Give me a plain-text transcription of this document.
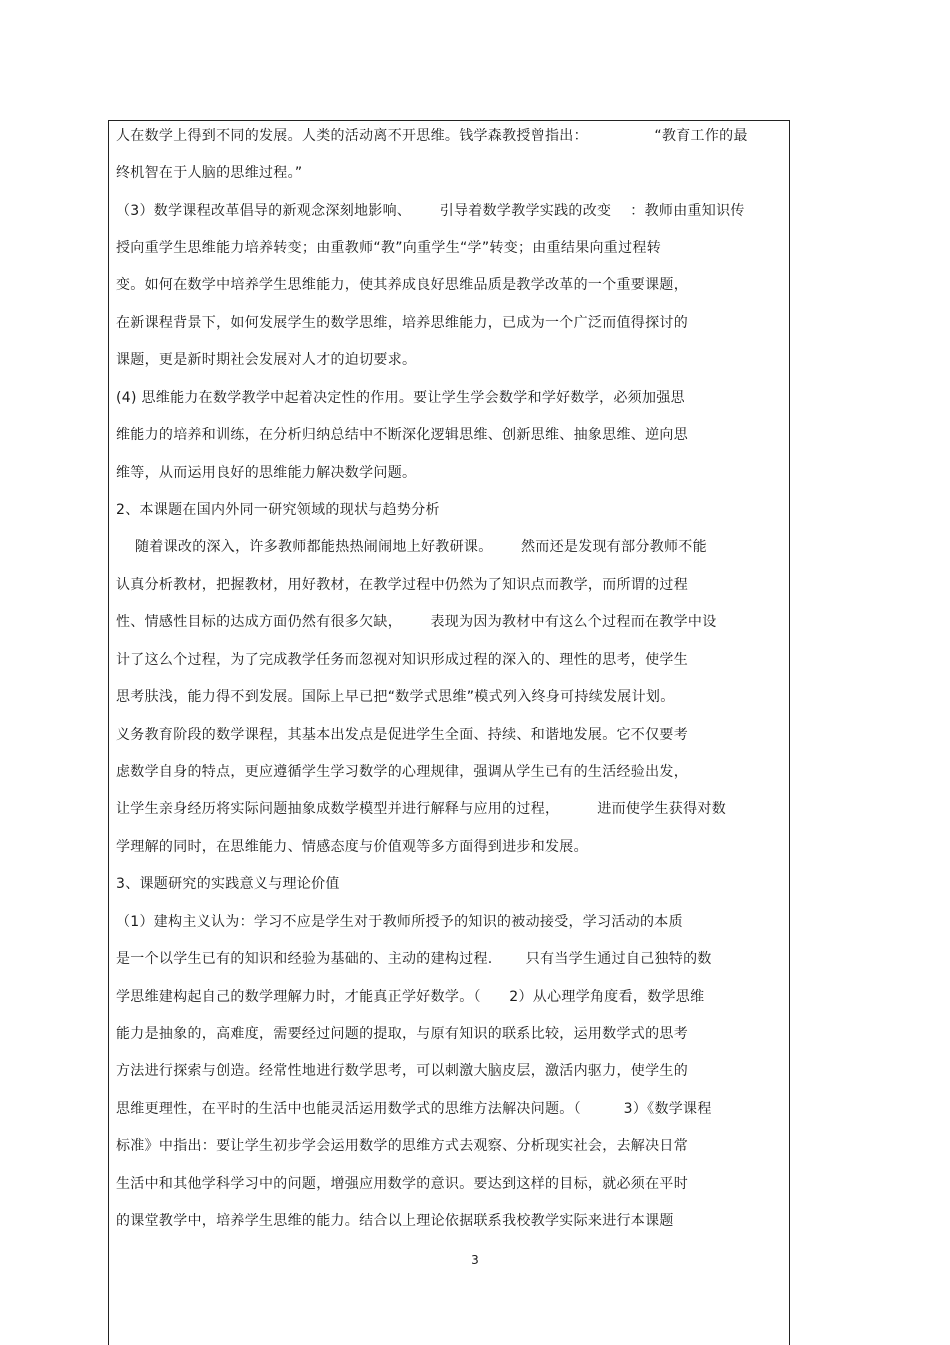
人在数学上得到不同的发展。人类的活动离不开思维。钱学森教授曾指出：              “教育工作的最
终机智在于人脑的思维过程。”
（3）数学课程改革倡导的新观念深刻地影响、      引导着数学教学实践的改变    ：教师由重知识传
授向重学生思维能力培养转变；由重教师“教”向重学生“学”转变；由重结果向重过程转
变。如何在数学中培养学生思维能力，使其养成良好思维品质是教学改革的一个重要课题，
在新课程背景下，如何发展学生的数学思维，培养思维能力，已成为一个广泛而值得探讨的
课题，更是新时期社会发展对人才的迫切要求。
(4) 思维能力在数学教学中起着决定性的作用。要让学生学会数学和学好数学，必须加强思
维能力的培养和训练，在分析归纳总结中不断深化逻辑思维、创新思维、抽象思维、逆向思
维等，从而运用良好的思维能力解决数学问题。
2、本课题在国内外同一研究领域的现状与趋势分析
随着课改的深入，许多教师都能热热闹闹地上好教研课。      然而还是发现有部分教师不能
认真分析教材，把握教材，用好教材，在教学过程中仍然为了知识点而教学，而所谓的过程
性、情感性目标的达成方面仍然有很多欠缺，      表现为因为教材中有这么个过程而在教学中设
计了这么个过程，为了完成教学任务而忽视对知识形成过程的深入的、理性的思考，使学生
思考肤浅，能力得不到发展。国际上早已把“数学式思维”模式列入终身可持续发展计划。
义务教育阶段的数学课程，其基本出发点是促进学生全面、持续、和谐地发展。它不仅要考
虑数学自身的特点，更应遵循学生学习数学的心理规律，强调从学生已有的生活经验出发，
让学生亲身经历将实际问题抽象成数学模型并进行解释与应用的过程，        进而使学生获得对数
学理解的同时，在思维能力、情感态度与价值观等多方面得到进步和发展。
3、课题研究的实践意义与理论价值
（1）建构主义认为：学习不应是学生对于教师所授予的知识的被动接受，学习活动的本质
是一个以学生已有的知识和经验为基础的、主动的建构过程.       只有当学生通过自己独特的数
学思维建构起自己的数学理解力时，才能真正学好数学。（      2）从心理学角度看，数学思维
能力是抽象的，高难度，需要经过问题的提取，与原有知识的联系比较，运用数学式的思考
方法进行探索与创造。经常性地进行数学思考，可以刺激大脑皮层，激活内驱力，使学生的
思维更理性，在平时的生活中也能灵活运用数学式的思维方法解决问题。（         3）《数学课程
标准》中指出：要让学生初步学会运用数学的思维方式去观察、分析现实社会，去解决日常
生活中和其他学科学习中的问题，增强应用数学的意识。要达到这样的目标，就必须在平时
的课堂教学中，培养学生思维的能力。结合以上理论依据联系我校教学实际来进行本课题
3
